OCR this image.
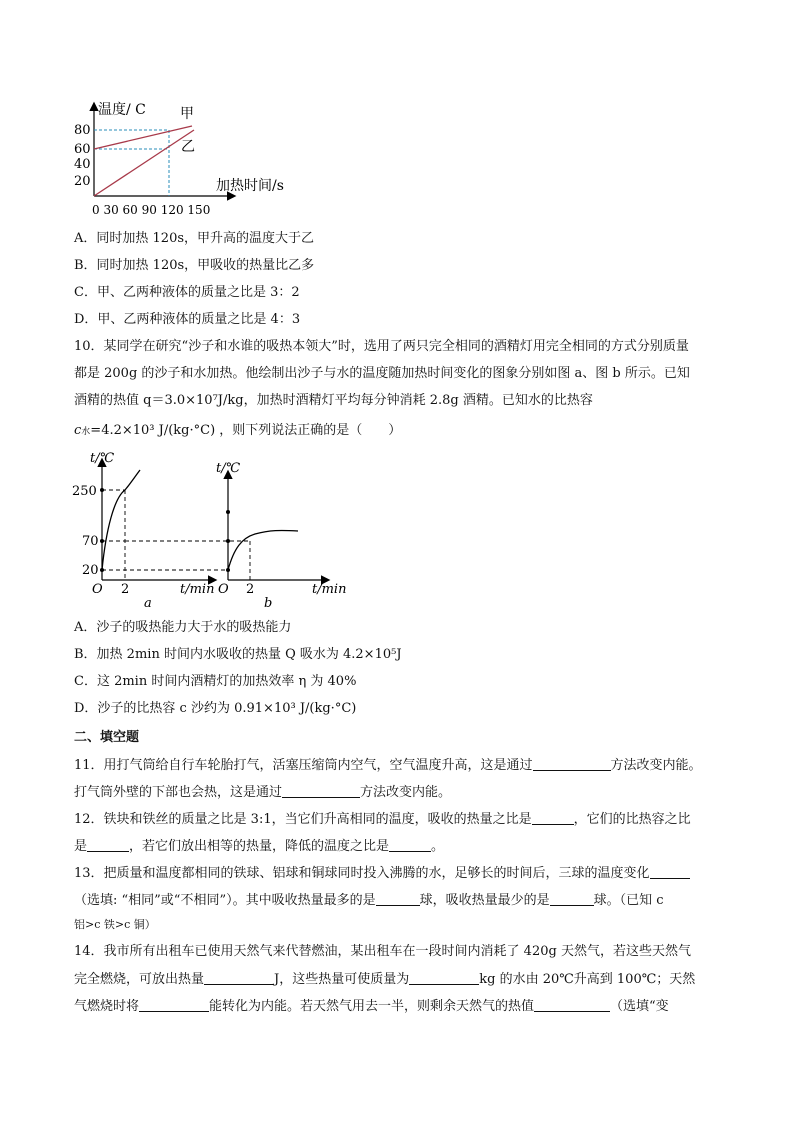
温度/ C
加热时间/s
80
60
40
20
甲
乙
0 30 60 90 120 150
A．同时加热 120s，甲升高的温度大于乙
B．同时加热 120s，甲吸收的热量比乙多
C．甲、乙两种液体的质量之比是 3：2
D．甲、乙两种液体的质量之比是 4：3
10．某同学在研究“沙子和水谁的吸热本领大”时，选用了两只完全相同的酒精灯用完全相同的方式分别质量
都是 200g 的沙子和水加热。他绘制出沙子与水的温度随加热时间变化的图象分别如图 a、图 b 所示。已知
酒精的热值 q＝3.0×10⁷J/kg，加热时酒精灯平均每分钟消耗 2.8g 酒精。已知水的比热容
c水=4.2×10³ J/(kg·°C) ，则下列说法正确的是（　　）
t/℃
t/min
O
250
70
20
2
a
t/℃
t/min
O 2
b
A．沙子的吸热能力大于水的吸热能力
B．加热 2min 时间内水吸收的热量 Q 吸水为 4.2×10⁵J
C．这 2min 时间内酒精灯的加热效率 η 为 40%
D．沙子的比热容 c 沙约为 0.91×10³ J/(kg·°C)
二、填空题
11．用打气筒给自行车轮胎打气，活塞压缩筒内空气，空气温度升高，这是通过	方法改变内能。
打气筒外壁的下部也会热，这是通过	方法改变内能。
12．铁块和铁丝的质量之比是 3:1，当它们升高相同的温度，吸收的热量之比是	，它们的比热容之比
是	，若它们放出相等的热量，降低的温度之比是	。
13．把质量和温度都相同的铁球、铝球和铜球同时投入沸腾的水，足够长的时间后，三球的温度变化
（选填: “相同”或“不相同”）。其中吸收热量最多的是	球，吸收热量最少的是	球。（已知 c
铝>c 铁>c 铜）
14．我市所有出租车已使用天然气来代替燃油，某出租车在一段时间内消耗了 420g 天然气，若这些天然气
完全燃烧，可放出热量	J，这些热量可使质量为	kg 的水由 20℃升高到 100℃；天然
气燃烧时将	能转化为内能。若天然气用去一半，则剩余天然气的热值	（选填“变
